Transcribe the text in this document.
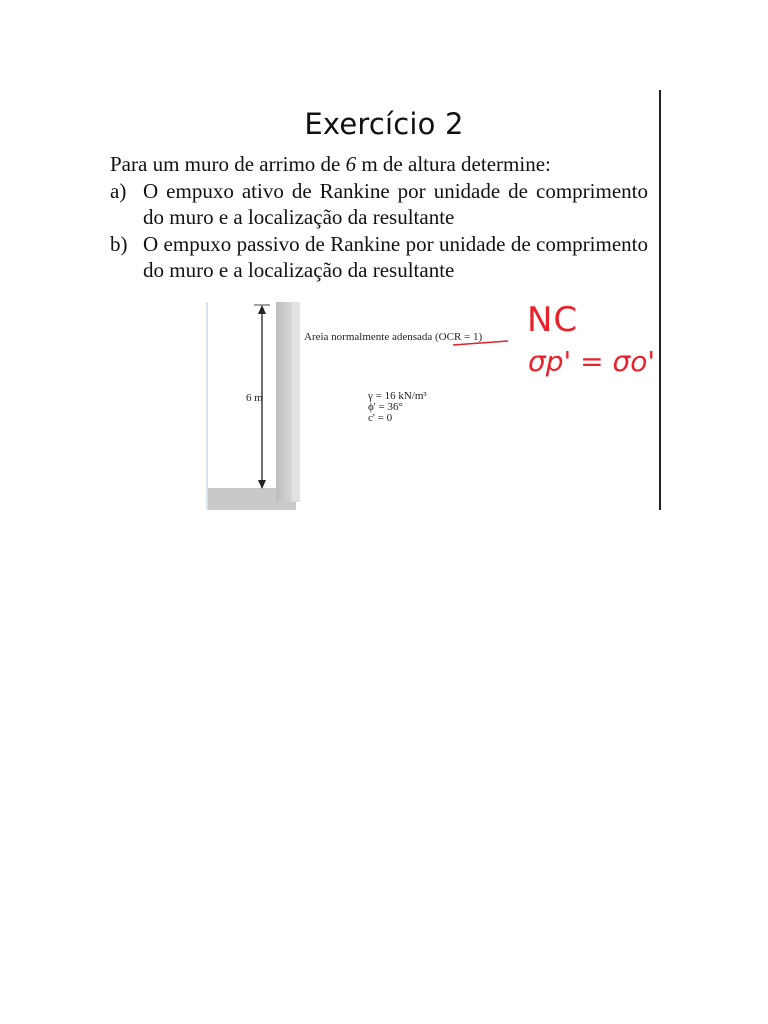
Exercício 2
Para um muro de arrimo de 6 m de altura determine:
a) O empuxo ativo de Rankine por unidade de comprimento
do muro e a localização da resultante
b) O empuxo passivo de Rankine por unidade de comprimento
do muro e a localização da resultante
6 m
Areia normalmente adensada (OCR = 1)
γ = 16 kN/m³
ϕ' = 36°
c' = 0
NC
σp' = σo'
